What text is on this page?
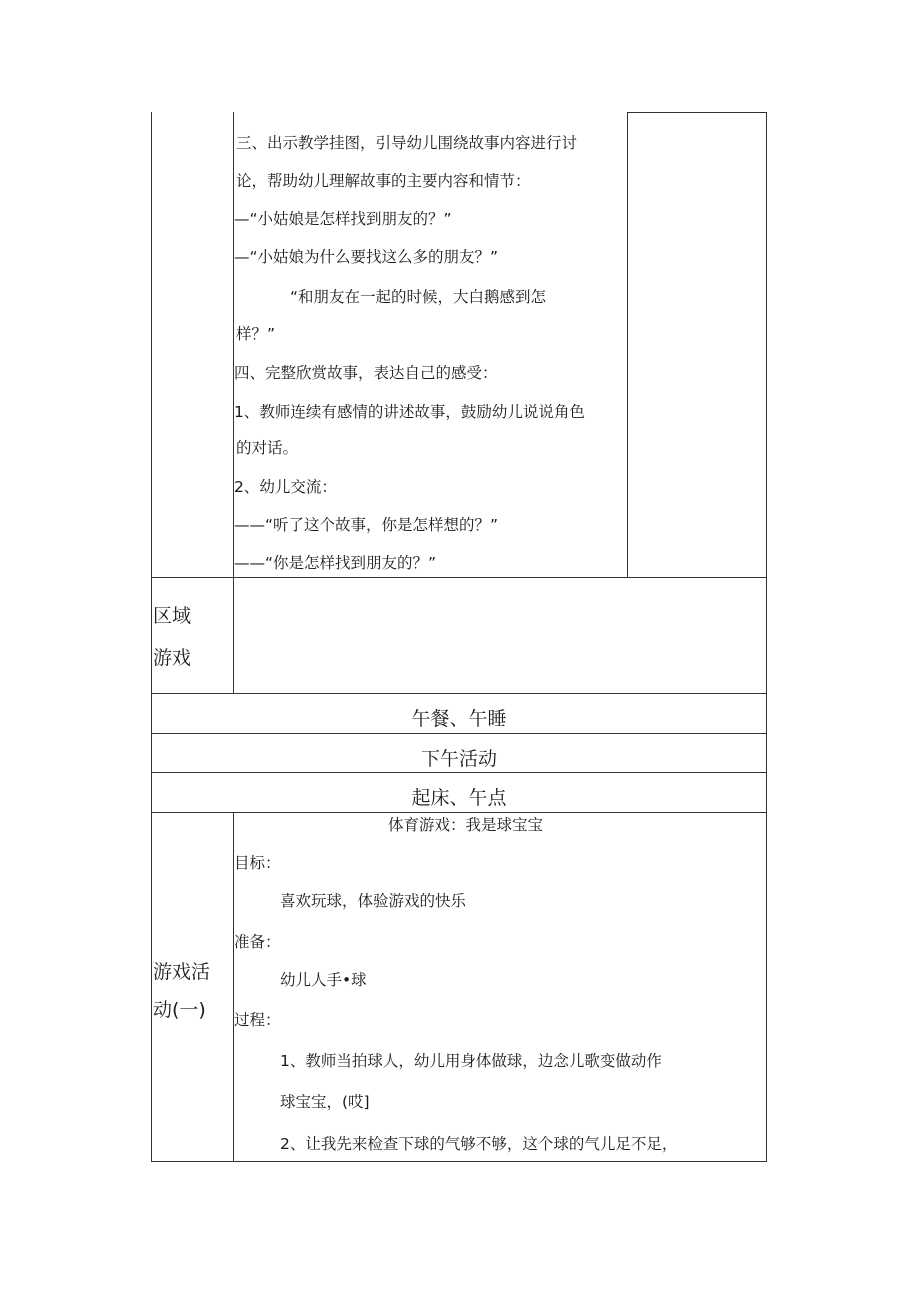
三、出示教学挂图，引导幼儿围绕故事内容进行讨
论，帮助幼儿理解故事的主要内容和情节：
—“小姑娘是怎样找到朋友的？”
—“小姑娘为什么要找这么多的朋友？”
“和朋友在一起的时候，大白鹅感到怎
样？”
四、完整欣赏故事，表达自己的感受：
1、教师连续有感情的讲述故事，鼓励幼儿说说角色
的对话。
2、幼儿交流：
——“听了这个故事，你是怎样想的？”
——“你是怎样找到朋友的？”
区域
游戏
午餐、午睡
下午活动
起床、午点
游戏活
动(一)
体育游戏：我是球宝宝
目标：
喜欢玩球，体验游戏的快乐
准备：
幼儿人手•球
过程：
1、教师当拍球人，幼儿用身体做球，边念儿歌变做动作
球宝宝，(哎]
2、让我先来检查下球的气够不够，这个球的气儿足不足，
